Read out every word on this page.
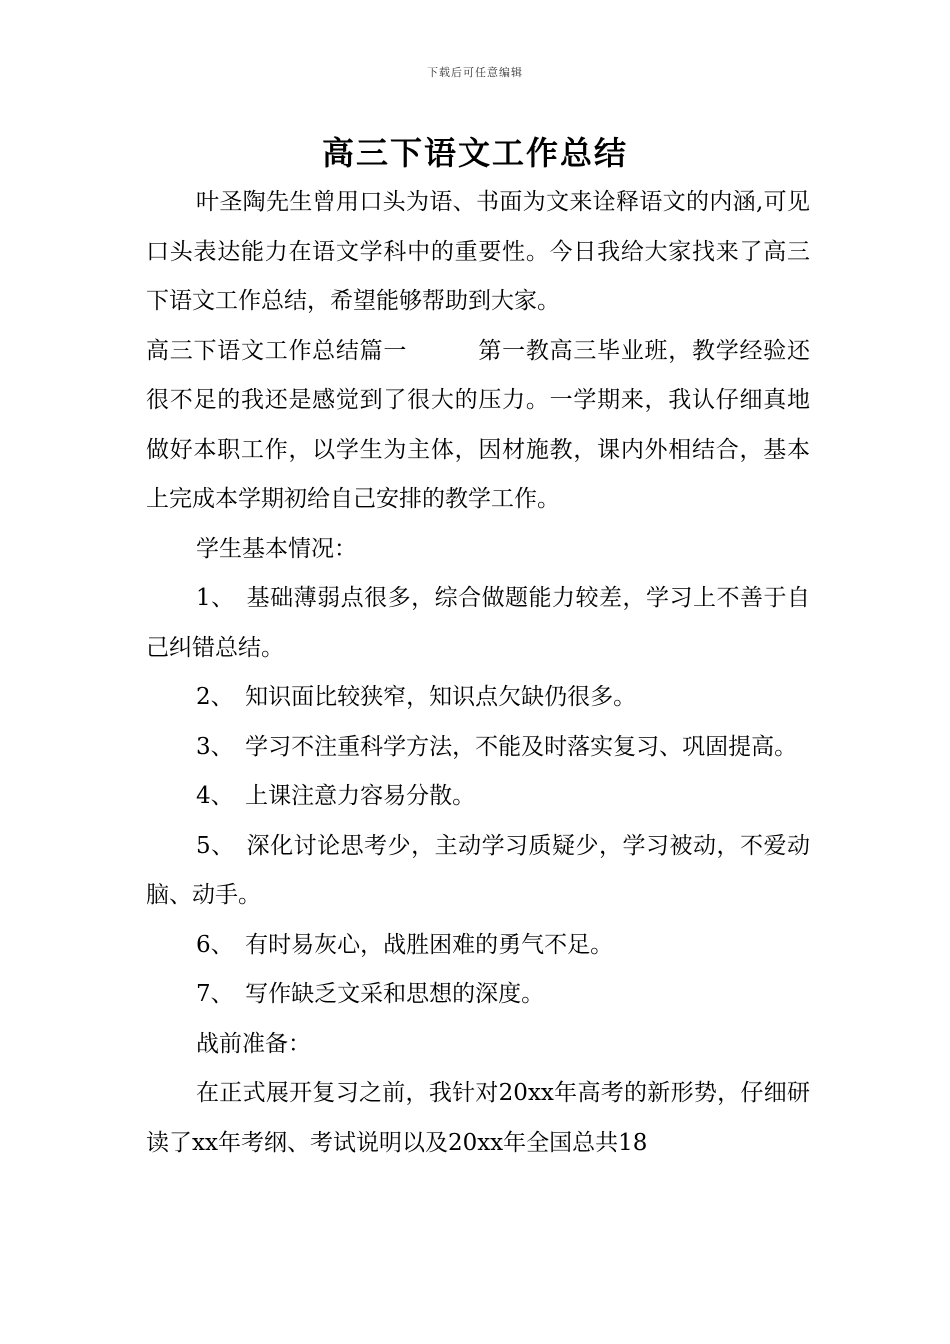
下载后可任意编辑
高三下语文工作总结

叶圣陶先生曾用口头为语、书面为文来诠释语文的内涵,可见口头表达能力在语文学科中的重要性。今日我给大家找来了高三下语文工作总结，希望能够帮助到大家。

高三下语文工作总结篇一　　　第一教高三毕业班，教学经验还很不足的我还是感觉到了很大的压力。一学期来，我认仔细真地做好本职工作，以学生为主体，因材施教，课内外相结合，基本上完成本学期初给自己安排的教学工作。

学生基本情况：

1、　基础薄弱点很多，综合做题能力较差，学习上不善于自己纠错总结。

2、　知识面比较狭窄，知识点欠缺仍很多。

3、　学习不注重科学方法，不能及时落实复习、巩固提高。

4、　上课注意力容易分散。

5、　深化讨论思考少，主动学习质疑少，学习被动，不爱动脑、动手。

6、　有时易灰心，战胜困难的勇气不足。

7、　写作缺乏文采和思想的深度。

战前准备：

在正式展开复习之前，我针对20xx年高考的新形势，仔细研读了xx年考纲、考试说明以及20xx年全国总共18
